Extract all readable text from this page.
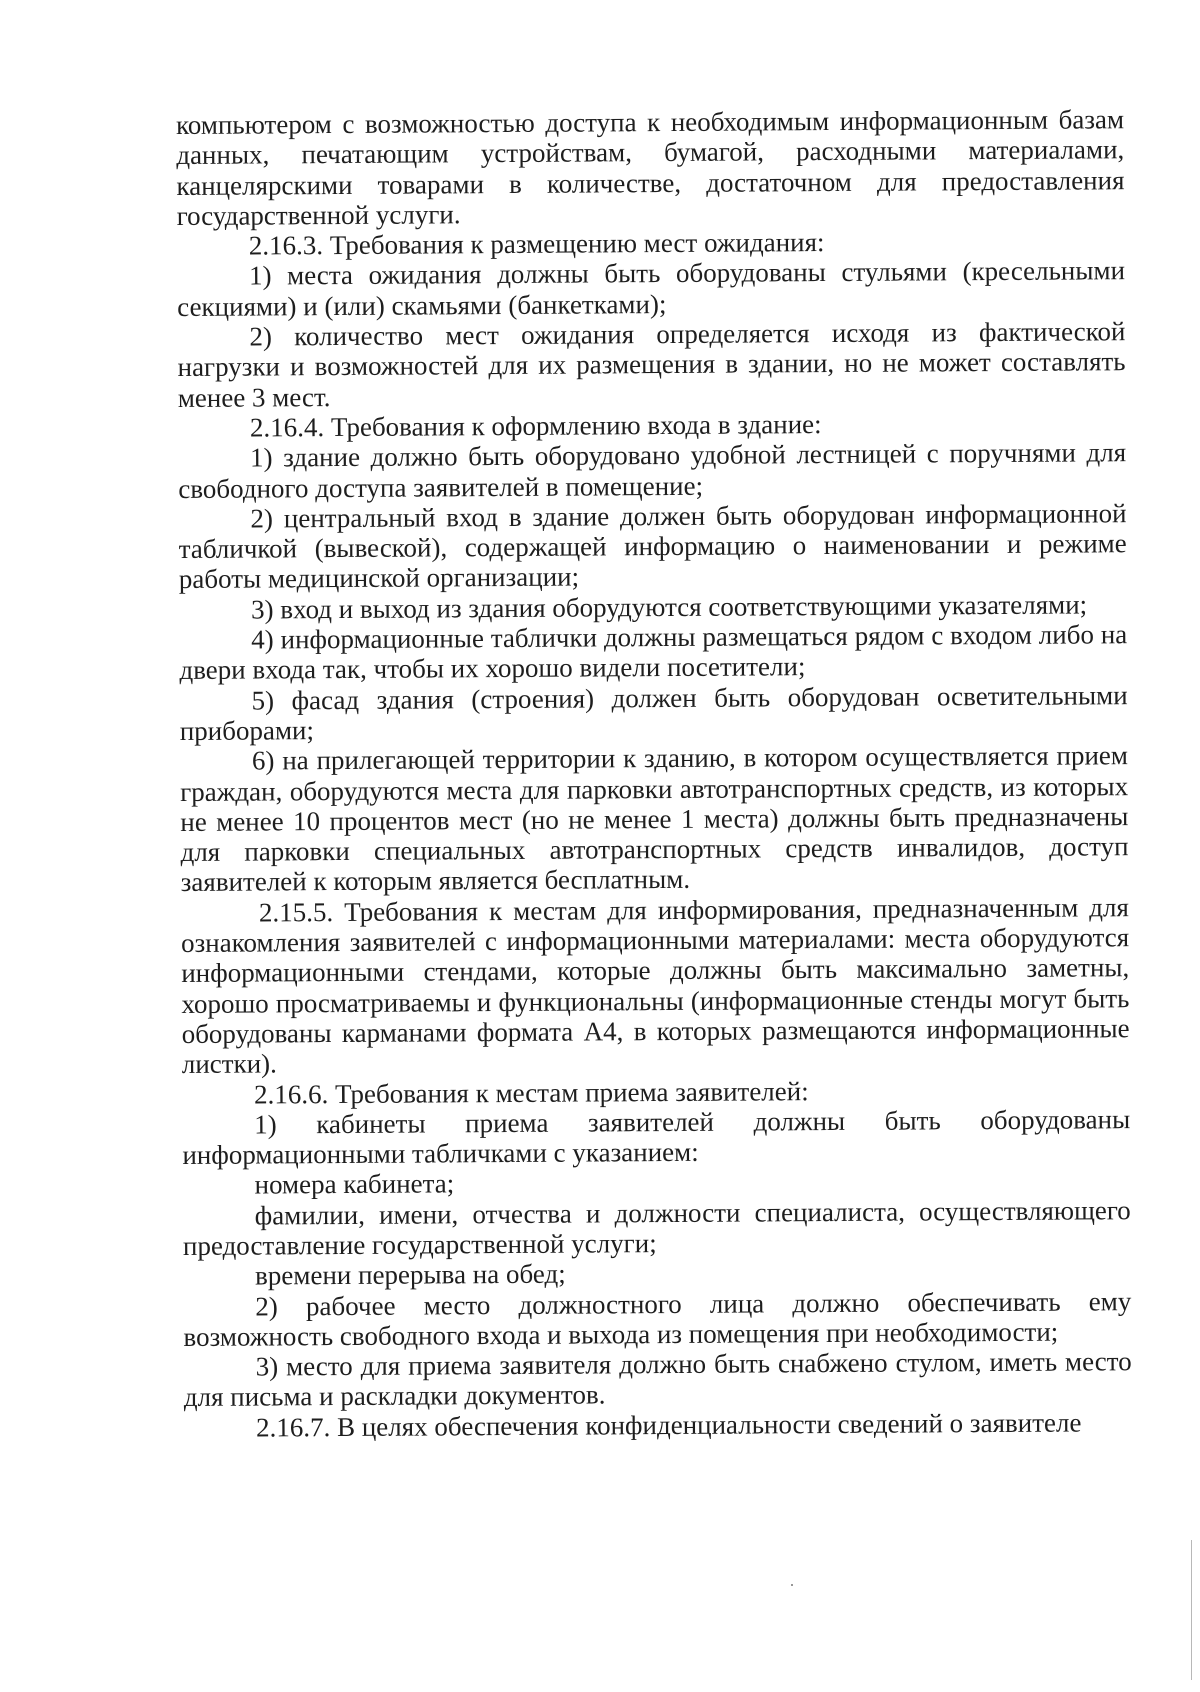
компьютером с возможностью доступа к необходимым информационным базам данных, печатающим устройствам, бумагой, расходными материалами, канцелярскими товарами в количестве, достаточном для предоставления государственной услуги.

2.16.3. Требования к размещению мест ожидания:

1) места ожидания должны быть оборудованы стульями (кресельными секциями) и (или) скамьями (банкетками);

2) количество мест ожидания определяется исходя из фактической нагрузки и возможностей для их размещения в здании, но не может составлять менее 3 мест.

2.16.4. Требования к оформлению входа в здание:

1) здание должно быть оборудовано удобной лестницей с поручнями для свободного доступа заявителей в помещение;

2) центральный вход в здание должен быть оборудован информационной табличкой (вывеской), содержащей информацию о наименовании и режиме работы медицинской организации;

3) вход и выход из здания оборудуются соответствующими указателями;

4) информационные таблички должны размещаться рядом с входом либо на двери входа так, чтобы их хорошо видели посетители;

5) фасад здания (строения) должен быть оборудован осветительными приборами;

6) на прилегающей территории к зданию, в котором осуществляется прием граждан, оборудуются места для парковки автотранспортных средств, из которых не менее 10 процентов мест (но не менее 1 места) должны быть предназначены для парковки специальных автотранспортных средств инвалидов, доступ заявителей к которым является бесплатным.

2.15.5. Требования к местам для информирования, предназначенным для ознакомления заявителей с информационными материалами: места оборудуются информационными стендами, которые должны быть максимально заметны, хорошо просматриваемы и функциональны (информационные стенды могут быть оборудованы карманами формата А4, в которых размещаются информационные листки).

2.16.6. Требования к местам приема заявителей:

1) кабинеты приема заявителей должны быть оборудованы информационными табличками с указанием:

номера кабинета;

фамилии, имени, отчества и должности специалиста, осуществляющего предоставление государственной услуги;

времени перерыва на обед;

2) рабочее место должностного лица должно обеспечивать ему возможность свободного входа и выхода из помещения при необходимости;

3) место для приема заявителя должно быть снабжено стулом, иметь место для письма и раскладки документов.

2.16.7. В целях обеспечения конфиденциальности сведений о заявителе
